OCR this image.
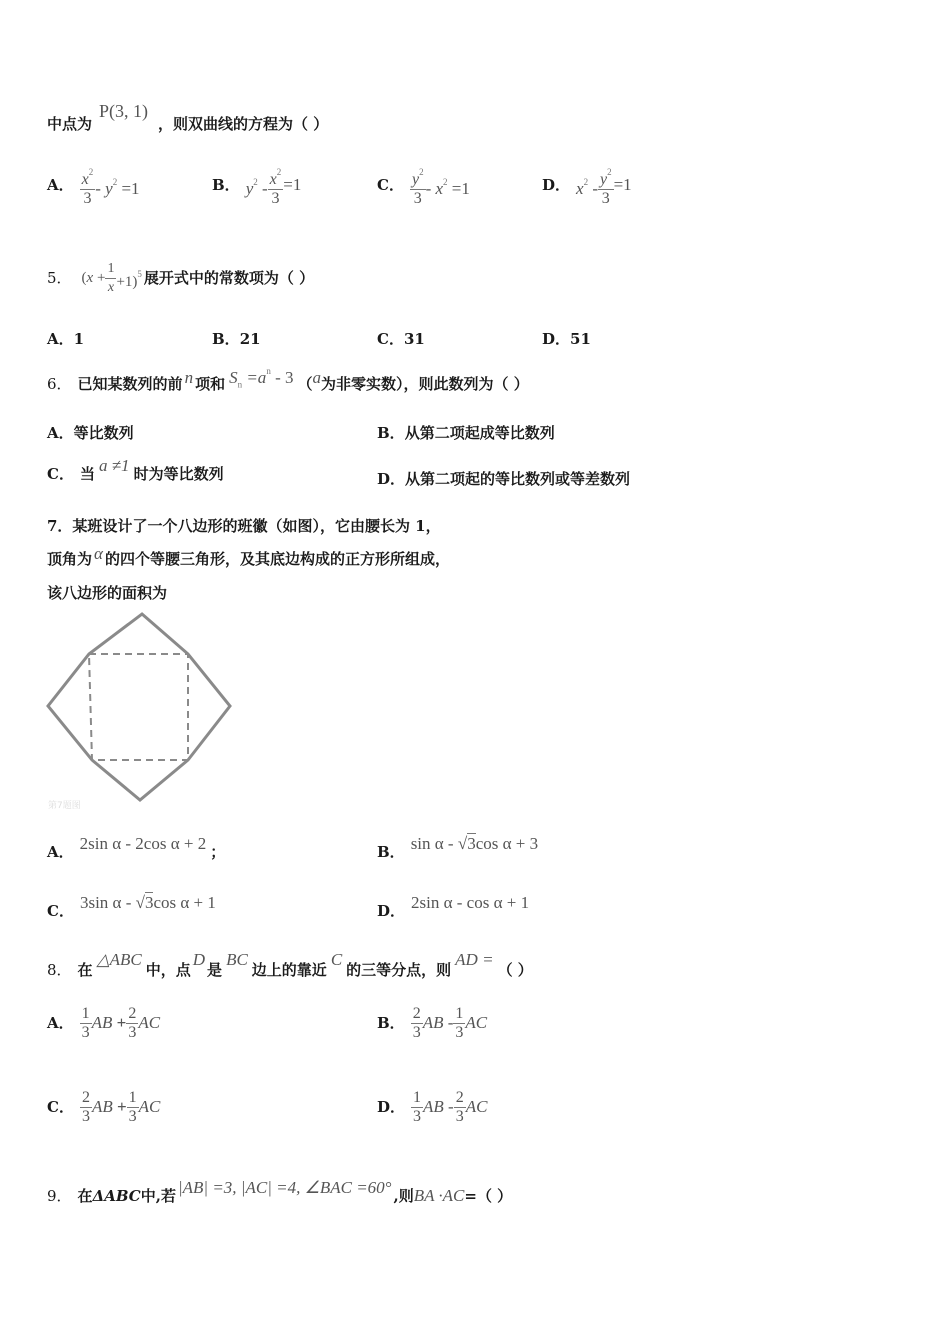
中点为
P(3, 1)
，则双曲线的方程为（ ）
A． $\frac{x^2}{3} - y^2 =1$	B． $y^2 - \frac{x^2}{3} =1$	C． $\frac{y^2}{3} - x^2 =1$	D． $x^2 - \frac{y^2}{3} =1$
5． $(x + \frac{1}{x} +1)^5$ 展开式中的常数项为（ ）
A．1	B．21	C．31	D．51
6． 已知某数列的前 n 项和 $S_n =a^n - 3$ （ a 为非零实数），则此数列为（ ）
A．等比数列	B．从第二项起成等比数列
C． 当 a ≠1 时为等比数列	D．从第二项起的等比数列或等差数列
7．某班设计了一个八边形的班徽（如图），它由腰长为 1，
顶角为 α 的四个等腰三角形，及其底边构成的正方形所组成，
该八边形的面积为
第7题图
A． 2sin α - 2cos α + 2 ；	B． sin α - √3cos α + 3
C． 3sin α - √3cos α + 1	D． 2sin α - cos α + 1
8． 在
△ABC
中，点
D
是
BC
边上的靠近
C
的三等分点，则
AD =
（ ）
A． $\frac{1}{3}$ AB + $\frac{2}{3}$ AC	B． $\frac{2}{3}$ AB - $\frac{1}{3}$ AC
C． $\frac{2}{3}$ AB + $\frac{1}{3}$ AC	D． $\frac{1}{3}$ AB - $\frac{2}{3}$ AC
9． 在 ΔABC 中,若 |AB| =3, |AC| =4, ∠BAC =60° ,则 BA ·AC =（ ）
